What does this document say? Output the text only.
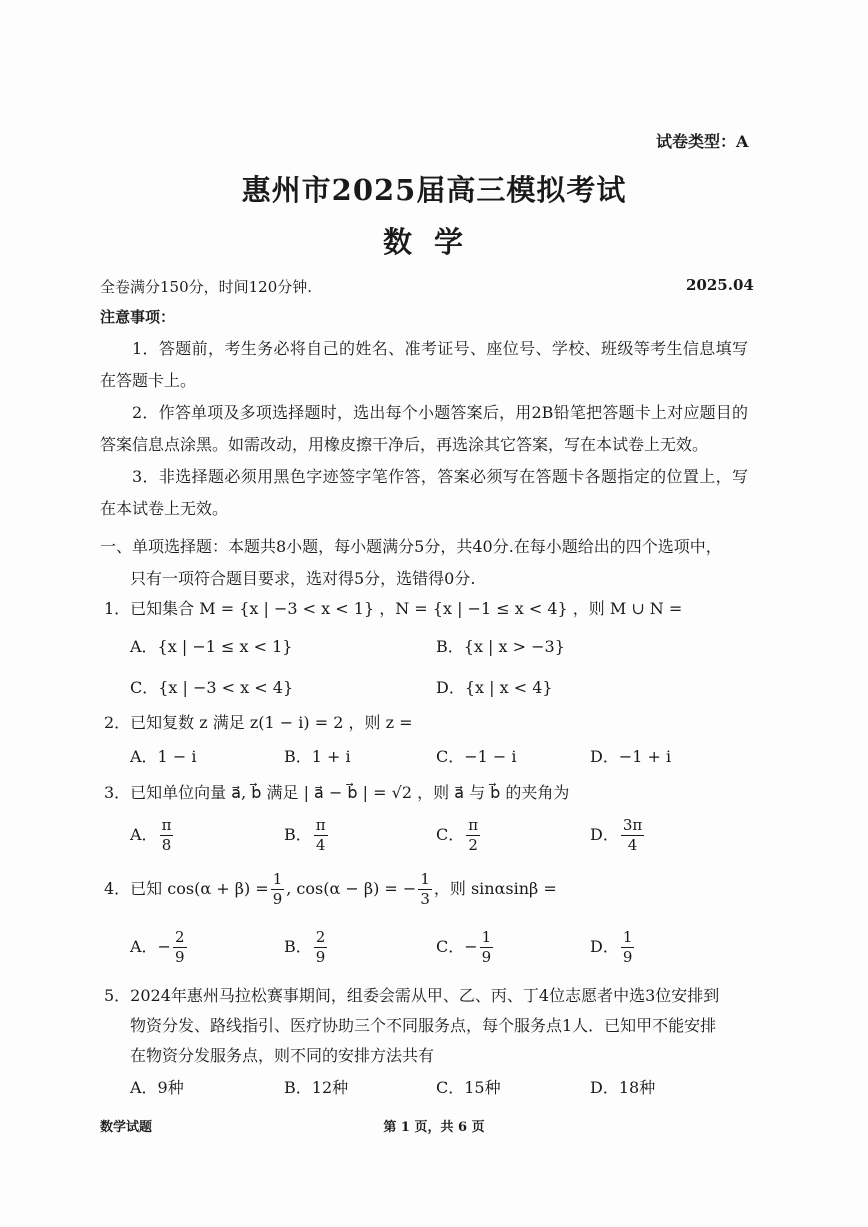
试卷类型：A
惠州市2025届高三模拟考试
数学
全卷满分150分，时间120分钟.	2025.04
注意事项：
1．答题前，考生务必将自己的姓名、准考证号、座位号、学校、班级等考生信息填写在答题卡上。
2．作答单项及多项选择题时，选出每个小题答案后，用2B铅笔把答题卡上对应题目的答案信息点涂黑。如需改动，用橡皮擦干净后，再选涂其它答案，写在本试卷上无效。
3．非选择题必须用黑色字迹签字笔作答，答案必须写在答题卡各题指定的位置上，写在本试卷上无效。
一、单项选择题：本题共8小题，每小题满分5分，共40分.在每小题给出的四个选项中，
只有一项符合题目要求，选对得5分，选错得0分.
1．已知集合 M = {x | −3 < x < 1} ，N = {x | −1 ≤ x < 4} ，则 M ∪ N =
A．{x | −1 ≤ x < 1}	B．{x | x > −3}
C．{x | −3 < x < 4}	D．{x | x < 4}
2．已知复数 z 满足 z(1 − i) = 2 ，则 z =
A．1 − i	B．1 + i	C．−1 − i	D．−1 + i
3．已知单位向量 a⃗, b⃗ 满足 | a⃗ − b⃗ | = √2 ，则 a⃗ 与 b⃗ 的夹角为
A． $\frac{\pi}{8}$	B． $\frac{\pi}{4}$	C． $\frac{\pi}{2}$	D． $\frac{3\pi}{4}$
4．已知 $\cos(\alpha + \beta) = \frac{1}{9}$ , cos(α − β) = − $\frac{1}{3}$ ，则 sinαsinβ =
A．− $\frac{2}{9}$	B． $\frac{2}{9}$	C．− $\frac{1}{9}$	D． $\frac{1}{9}$
5．2024年惠州马拉松赛事期间，组委会需从甲、乙、丙、丁4位志愿者中选3位安排到
物资分发、路线指引、医疗协助三个不同服务点，每个服务点1人．已知甲不能安排
在物资分发服务点，则不同的安排方法共有
A．9种	B．12种	C．15种	D．18种
数学试题	第 1 页，共 6 页
